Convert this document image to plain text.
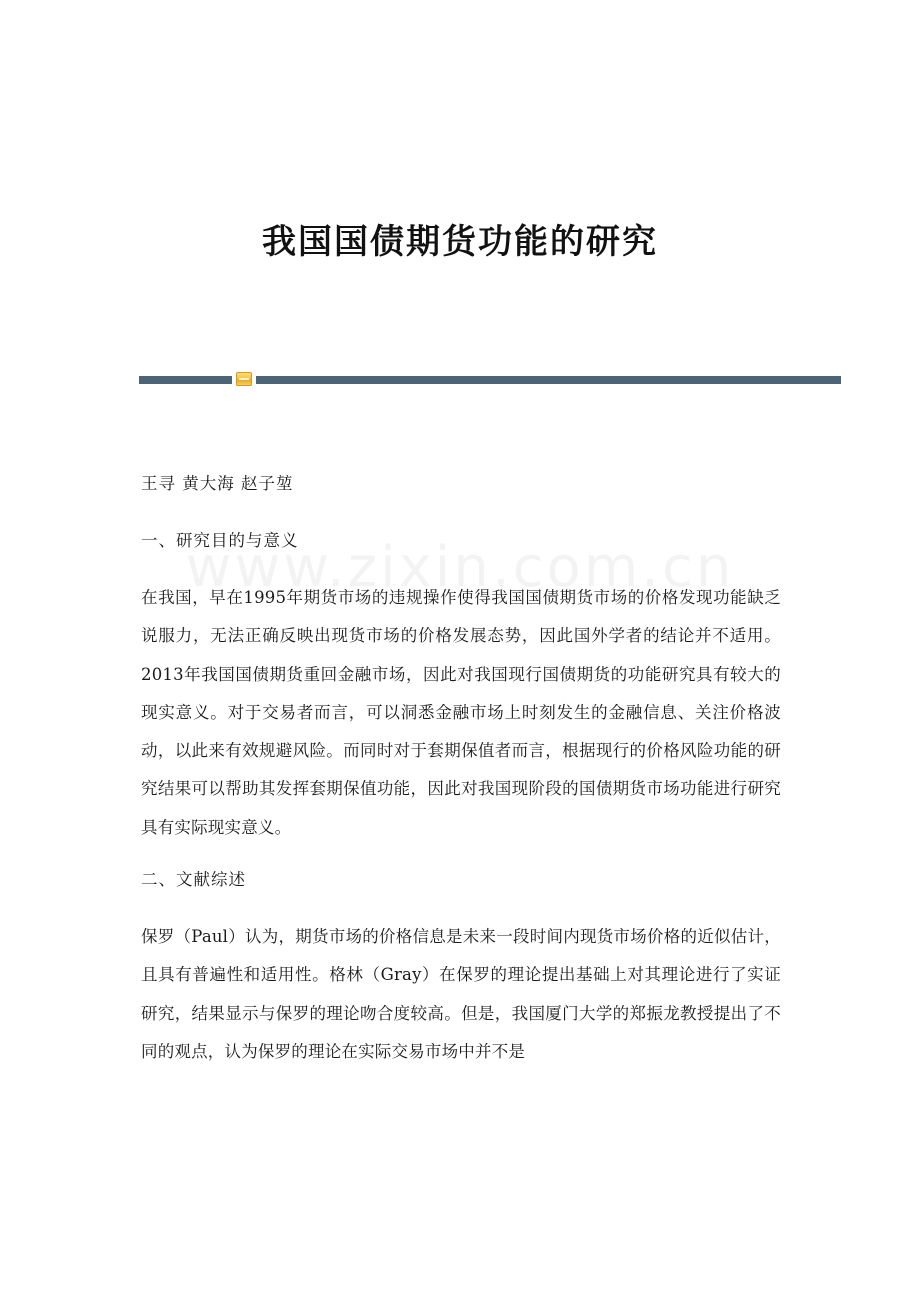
我国国债期货功能的研究
王寻 黄大海 赵子堃
一、研究目的与意义
在我国，早在1995年期货市场的违规操作使得我国国债期货市场的价格发现功能缺乏说服力，无法正确反映出现货市场的价格发展态势，因此国外学者的结论并不适用。2013年我国国债期货重回金融市场，因此对我国现行国债期货的功能研究具有较大的现实意义。对于交易者而言，可以洞悉金融市场上时刻发生的金融信息、关注价格波动，以此来有效规避风险。而同时对于套期保值者而言，根据现行的价格风险功能的研究结果可以帮助其发挥套期保值功能，因此对我国现阶段的国债期货市场功能进行研究具有实际现实意义。
二、文献综述
保罗（Paul）认为，期货市场的价格信息是未来一段时间内现货市场价格的近似估计，且具有普遍性和适用性。格林（Gray）在保罗的理论提出基础上对其理论进行了实证研究，结果显示与保罗的理论吻合度较高。但是，我国厦门大学的郑振龙教授提出了不同的观点，认为保罗的理论在实际交易市场中并不是
